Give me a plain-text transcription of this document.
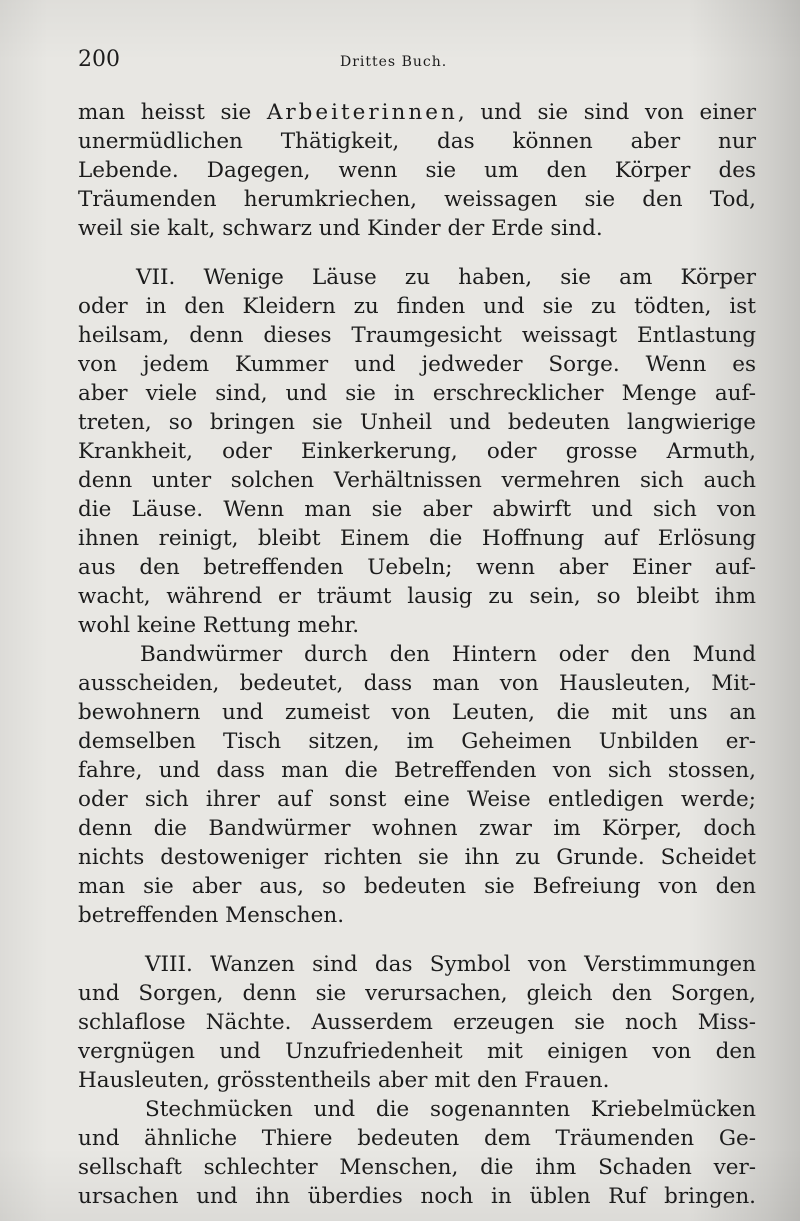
200	Drittes Buch.
man heisst sie Arbeiterinnen, und sie sind von einer
unermüdlichen Thätigkeit, das können aber nur
Lebende. Dagegen, wenn sie um den Körper des
Träumenden herumkriechen, weissagen sie den Tod,
weil sie kalt, schwarz und Kinder der Erde sind.
VII. Wenige Läuse zu haben, sie am Körper
oder in den Kleidern zu finden und sie zu tödten, ist
heilsam, denn dieses Traumgesicht weissagt Entlastung
von jedem Kummer und jedweder Sorge. Wenn es
aber viele sind, und sie in erschrecklicher Menge auf-
treten, so bringen sie Unheil und bedeuten langwierige
Krankheit, oder Einkerkerung, oder grosse Armuth,
denn unter solchen Verhältnissen vermehren sich auch
die Läuse. Wenn man sie aber abwirft und sich von
ihnen reinigt, bleibt Einem die Hoffnung auf Erlösung
aus den betreffenden Uebeln; wenn aber Einer auf-
wacht, während er träumt lausig zu sein, so bleibt ihm
wohl keine Rettung mehr.
Bandwürmer durch den Hintern oder den Mund
ausscheiden, bedeutet, dass man von Hausleuten, Mit-
bewohnern und zumeist von Leuten, die mit uns an
demselben Tisch sitzen, im Geheimen Unbilden er-
fahre, und dass man die Betreffenden von sich stossen,
oder sich ihrer auf sonst eine Weise entledigen werde;
denn die Bandwürmer wohnen zwar im Körper, doch
nichts destoweniger richten sie ihn zu Grunde. Scheidet
man sie aber aus, so bedeuten sie Befreiung von den
betreffenden Menschen.
VIII. Wanzen sind das Symbol von Verstimmungen
und Sorgen, denn sie verursachen, gleich den Sorgen,
schlaflose Nächte. Ausserdem erzeugen sie noch Miss-
vergnügen und Unzufriedenheit mit einigen von den
Hausleuten, grösstentheils aber mit den Frauen.
Stechmücken und die sogenannten Kriebelmücken
und ähnliche Thiere bedeuten dem Träumenden Ge-
sellschaft schlechter Menschen, die ihm Schaden ver-
ursachen und ihn überdies noch in üblen Ruf bringen.
